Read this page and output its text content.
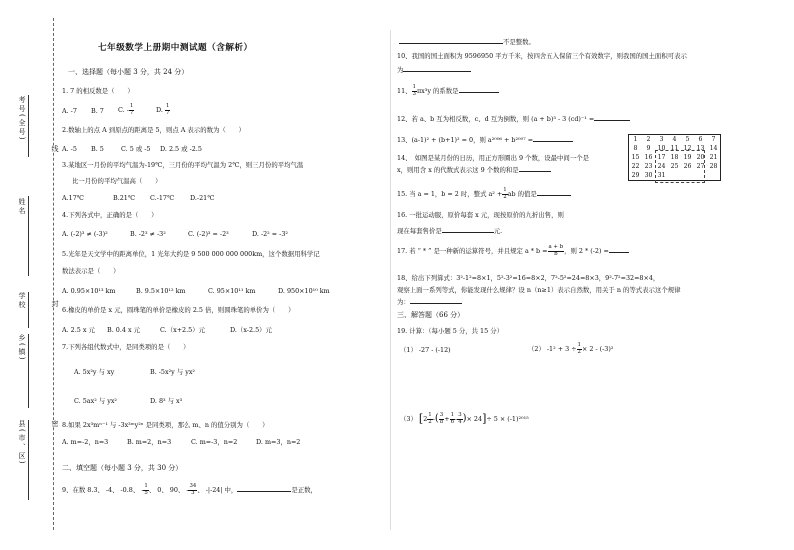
考号(全号)
姓名
学校
乡(镇)
县(市、区)
线
封
密
七年级数学上册期中测试题（含解析）
一、选择题（每小题 3 分，共 24 分）
1. 7 的相反数是（　　）
A. -7 B. 7 C. - $\frac{1}{7}$	D. $\frac{1}{7}$
2.数轴上的点 A 到原点的距离是 5，则点 A 表示的数为（　　）
A. -5 B. 5	C. 5 或 -5 D. 2.5 或 -2.5
3.某地区一月份的平均气温为-19℃，三月份的平均气温为 2℃，则三月份的平均气温
比一月份的平均气温高（　　）
A.17℃	B.21℃ C.-17℃ D.-21℃
4.下列各式中，正确的是（　　）
A. (-2)³ ≠ (-3)²	B. -2³ ≠ -3²	C. (-2)³ = -2³	D. -2² = -3²
5.光年是天文学中的距离单位，1 光年大约是 9 500 000 000 000km，这个数据用科学记
数法表示是（　　）
A. 0.95×10¹³ km	B. 9.5×10¹² km	C. 95×10¹¹ km	D. 950×10¹⁰ km
6.橡皮的单价是 x 元，圆珠笔的单价是橡皮的 2.5 倍，则圆珠笔的单价为（　　）
A. 2.5 x 元 B. 0.4 x 元	C.（x+2.5）元	D.（x-2.5）元
7.下列各组代数式中，是同类项的是（　　）
A. 5x²y 与 xy	B. -5x²y 与 yx²
C. 5ax² 与 yx²	D. 8³ 与 x³
8.如果 2x³mⁿ⁻¹ 与 -3x³ᵐy²ⁿ 是同类项，那么 m、n 的值分别为（　　）
A. m=-2，n=3	B. m=2，n=3	C. m=-3，n=2	D. m=3，n=2
二、填空题（每小题 3 分，共 30 分）
9、在数 8.3、 -4、 -0.8、 - $\frac{1}{5}$ 、 0、 90、 - $\frac{34}{3}$ 、 -|-24| 中，	是正数，
不是整数。
10、我国的国土面积为 9596950 平方千米，按四舍五入保留三个有效数字，则我国的国土面积可表示
为
11、 $\frac{1}{3} \pi x^3y$ 的系数是
12、若 a、b 互为相反数，c、d 互为倒数，则 (a + b)³ - 3 (cd)⁻¹ =
13、(a-1)² + (b+1)² = 0，则 a²⁰⁰⁶ + b²⁰⁰⁷ =
14、　如图是某月份的日历，用正方形圈出 9 个数，设最中间一个是
x，则用含 x 的代数式表示这 9 个数的和是
1	2	3	4	5	6	7
8	9	10	11	12	13	14
15	16	17	18	19	20	21
22	23	24	25	26	27	28
29	30	31				
15. 当 a = 1，b = 2 时，整式 $a^2 + \frac{1}{2}$ ab 的值是
16. 一批运动服，原价每套 x 元，现按原价的九折出售，则
现在每套售价是	元.
17. 若 “ * ” 是一种新的运算符号，并且规定 $a * b = \frac{a + b}{b}$ ，则 2 * (-2) =
18、给出下列算式：3²-1²=8×1，5²-3²=16=8×2，7²-5²=24=8×3，9²-7²=32=8×4，
观察上面一系列等式，你能发现什么规律？设 n（n≥1）表示自然数，用关于 n 的等式表示这个规律
为：
三、解答题（66 分）
19. 计算：（每小题 5 分，共 15 分）
（1） -27 - (-12)	（2） $-1^2 + 3 \div \frac{1}{2} \times 2 - (-3)^2$
（3） [$2 \frac{1}{2}$ -( $\frac{3}{8} + \frac{1}{6} - \frac{3}{4}$ )× 24]÷ 5 × (-1)²⁰¹⁵
